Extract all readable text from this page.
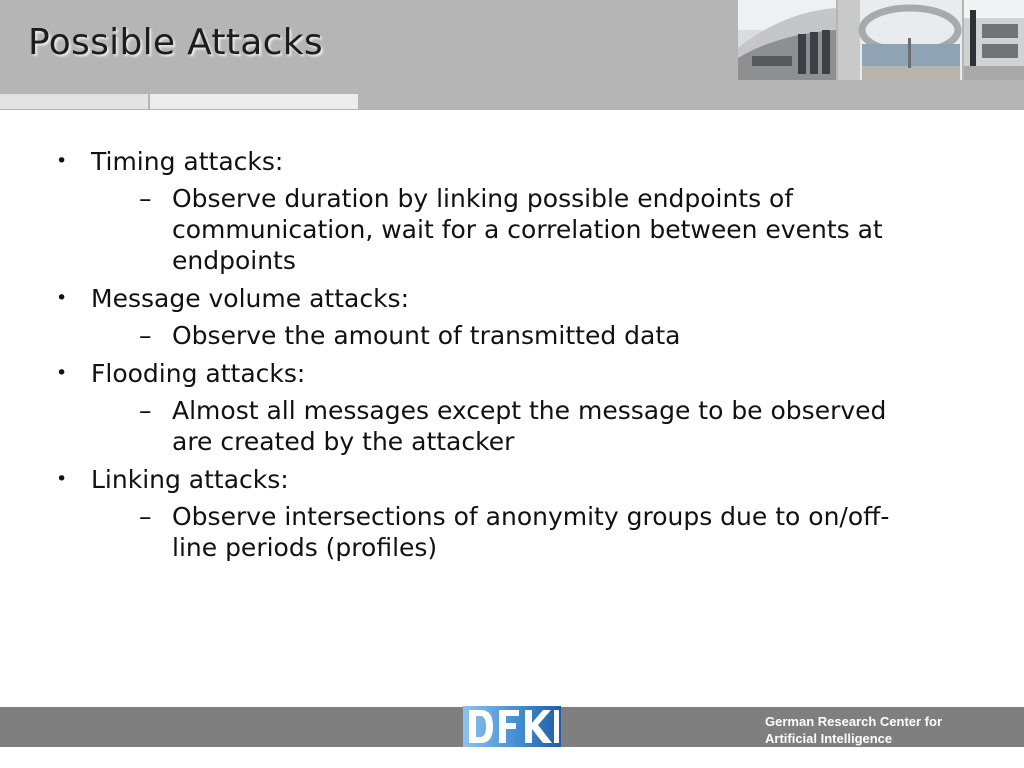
Possible Attacks
• Timing attacks:
– Observe duration by linking possible endpoints of communication, wait for a correlation between events at endpoints
• Message volume attacks:
– Observe the amount of transmitted data
• Flooding attacks:
– Almost all messages except the message to be observed are created by the attacker
• Linking attacks:
– Observe intersections of anonymity groups due to on/off-line periods (profiles)
German Research Center for
Artificial Intelligence
